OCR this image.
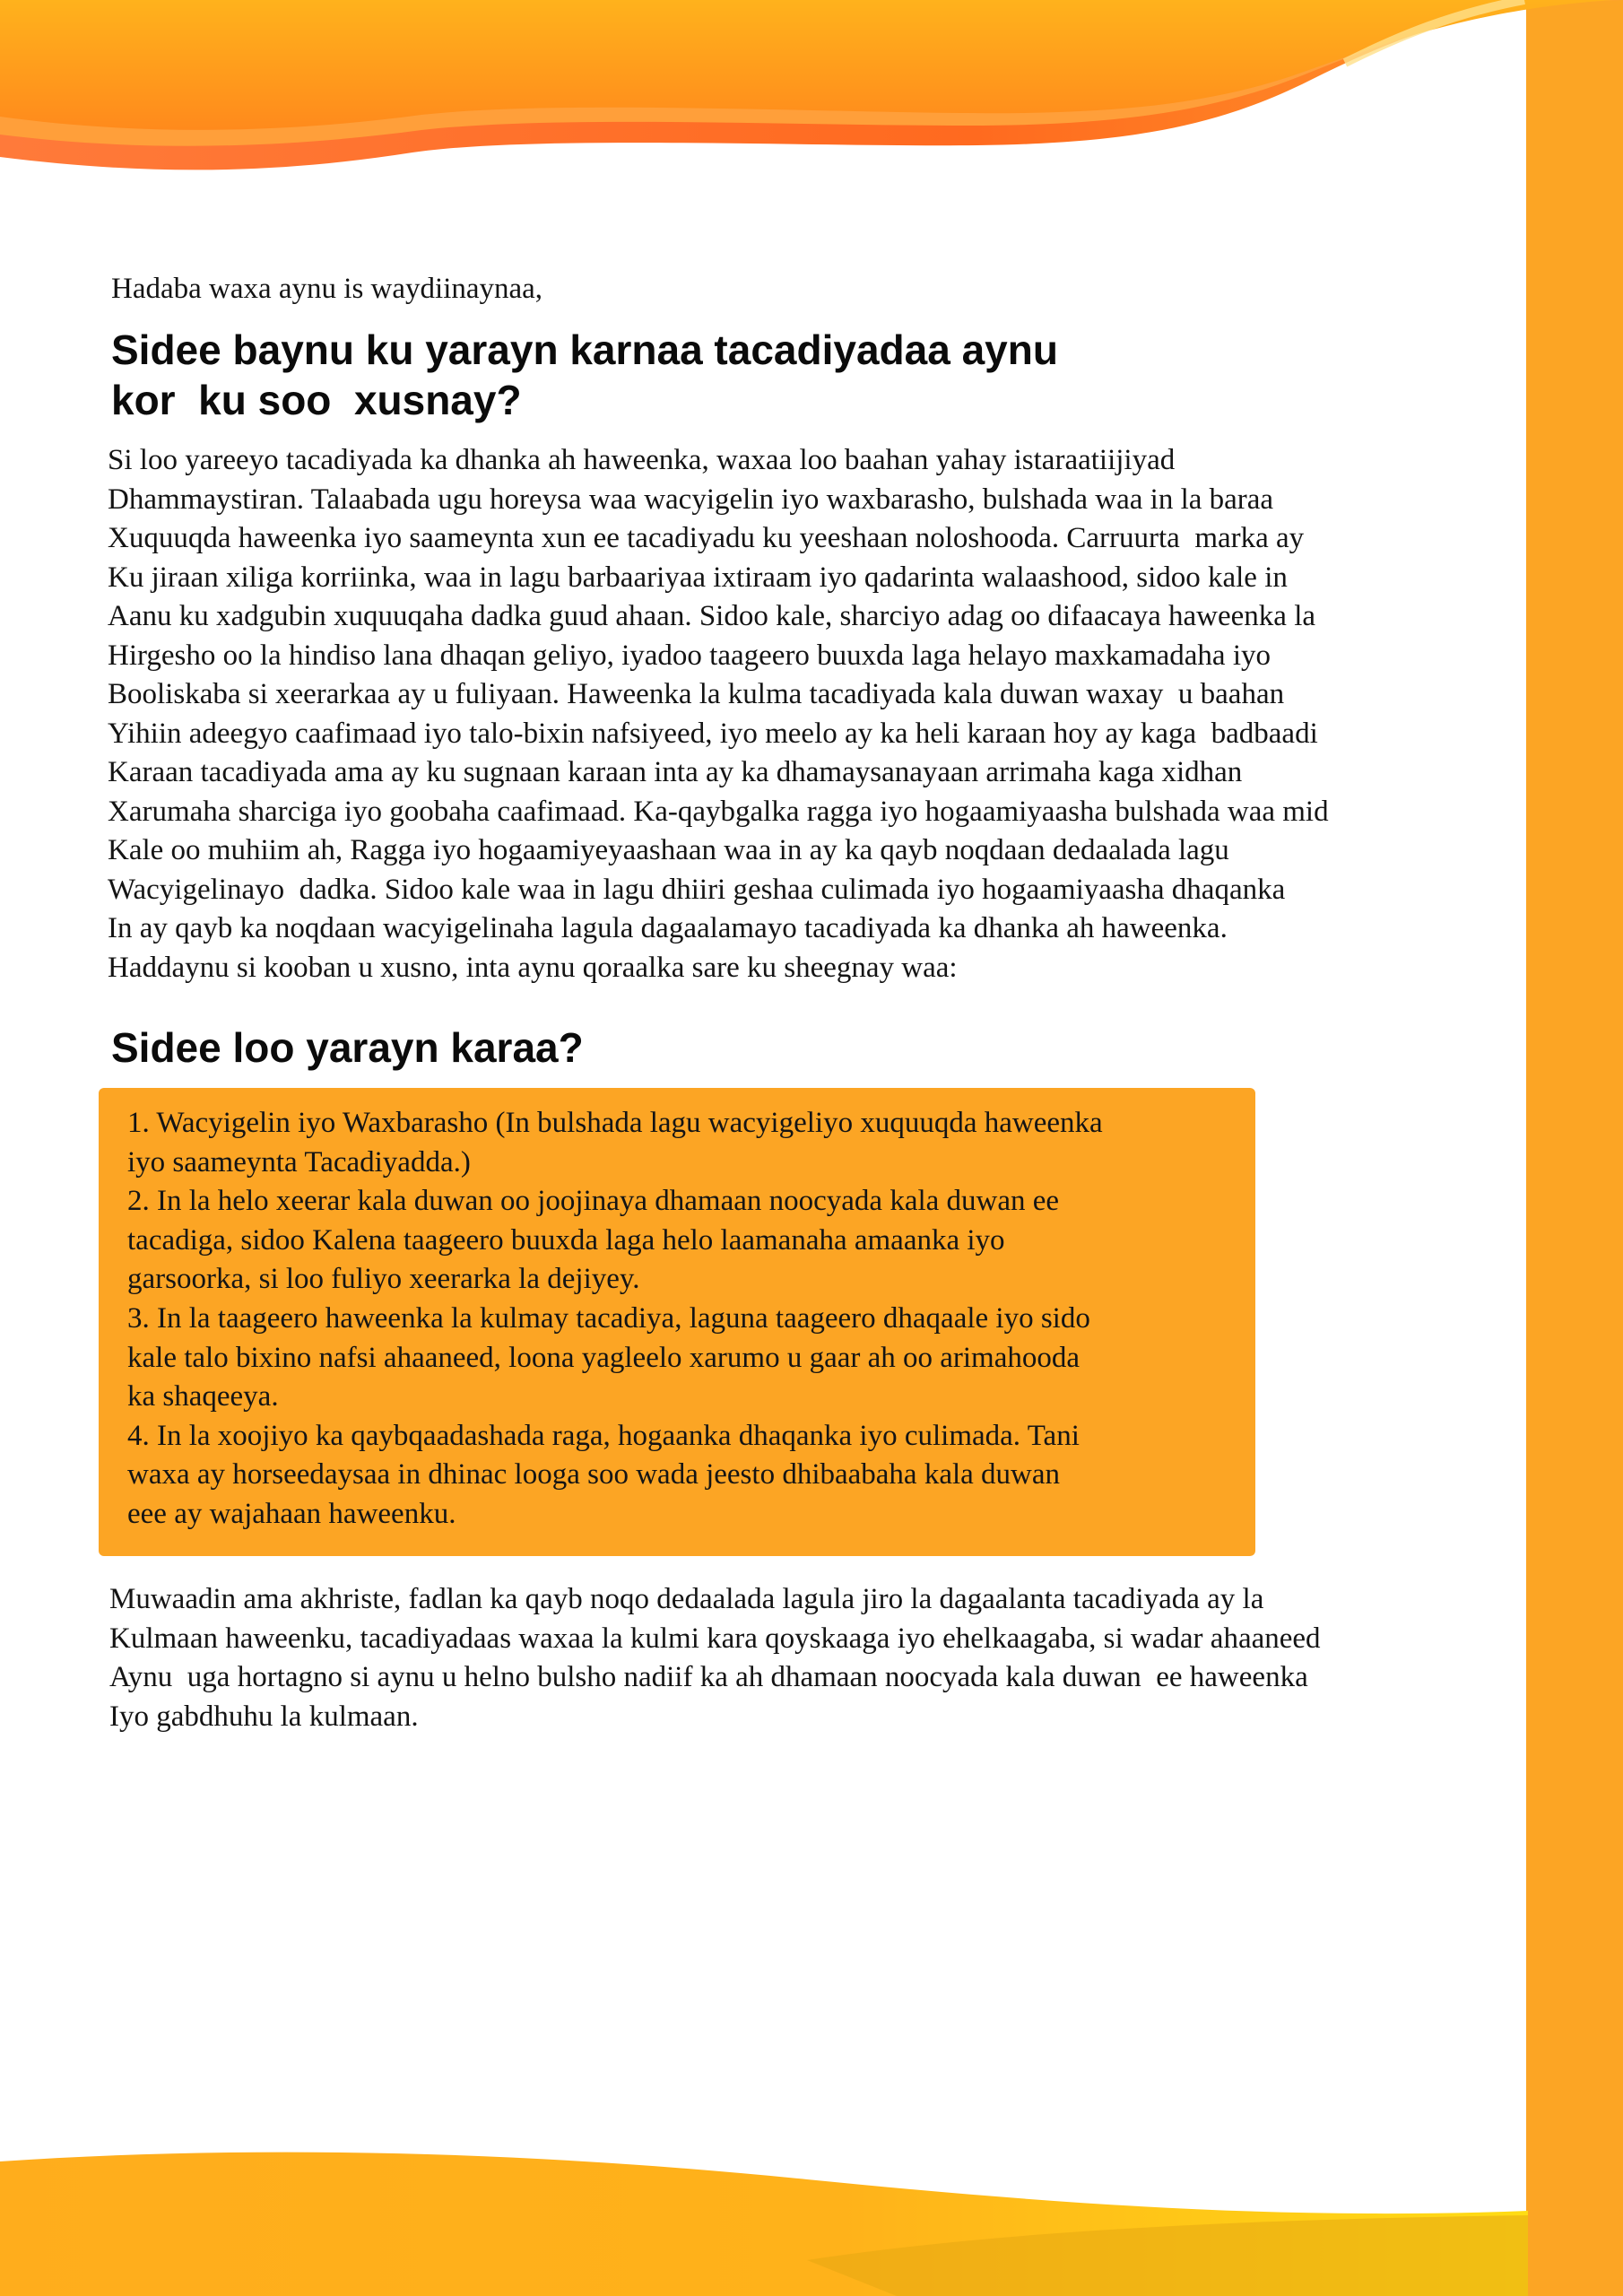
Hadaba waxa aynu is waydiinaynaa,
Sidee baynu ku yarayn karnaa tacadiyadaa aynu
kor  ku soo  xusnay?

Si loo yareeyo tacadiyada ka dhanka ah haweenka, waxaa loo baahan yahay istaraatiijiyad
Dhammaystiran. Talaabada ugu horeysa waa wacyigelin iyo waxbarasho, bulshada waa in la baraa
Xuquuqda haweenka iyo saameynta xun ee tacadiyadu ku yeeshaan noloshooda. Carruurta  marka ay
Ku jiraan xiliga korriinka, waa in lagu barbaariyaa ixtiraam iyo qadarinta walaashood, sidoo kale in
Aanu ku xadgubin xuquuqaha dadka guud ahaan. Sidoo kale, sharciyo adag oo difaacaya haweenka la
Hirgesho oo la hindiso lana dhaqan geliyo, iyadoo taageero buuxda laga helayo maxkamadaha iyo
Booliskaba si xeerarkaa ay u fuliyaan. Haweenka la kulma tacadiyada kala duwan waxay  u baahan
Yihiin adeegyo caafimaad iyo talo-bixin nafsiyeed, iyo meelo ay ka heli karaan hoy ay kaga  badbaadi
Karaan tacadiyada ama ay ku sugnaan karaan inta ay ka dhamaysanayaan arrimaha kaga xidhan
Xarumaha sharciga iyo goobaha caafimaad. Ka-qaybgalka ragga iyo hogaamiyaasha bulshada waa mid
Kale oo muhiim ah, Ragga iyo hogaamiyeyaashaan waa in ay ka qayb noqdaan dedaalada lagu
Wacyigelinayo  dadka. Sidoo kale waa in lagu dhiiri geshaa culimada iyo hogaamiyaasha dhaqanka
In ay qayb ka noqdaan wacyigelinaha lagula dagaalamayo tacadiyada ka dhanka ah haweenka.
Haddaynu si kooban u xusno, inta aynu qoraalka sare ku sheegnay waa:

Sidee loo yarayn karaa?
1. Wacyigelin iyo Waxbarasho (In bulshada lagu wacyigeliyo xuquuqda haweenka
iyo saameynta Tacadiyadda.)
2. In la helo xeerar kala duwan oo joojinaya dhamaan noocyada kala duwan ee
tacadiga, sidoo Kalena taageero buuxda laga helo laamanaha amaanka iyo
garsoorka, si loo fuliyo xeerarka la dejiyey.
3. In la taageero haweenka la kulmay tacadiya, laguna taageero dhaqaale iyo sido
kale talo bixino nafsi ahaaneed, loona yagleelo xarumo u gaar ah oo arimahooda
ka shaqeeya.
4. In la xoojiyo ka qaybqaadashada raga, hogaanka dhaqanka iyo culimada. Tani
waxa ay horseedaysaa in dhinac looga soo wada jeesto dhibaabaha kala duwan
eee ay wajahaan haweenku.

Muwaadin ama akhriste, fadlan ka qayb noqo dedaalada lagula jiro la dagaalanta tacadiyada ay la
Kulmaan haweenku, tacadiyadaas waxaa la kulmi kara qoyskaaga iyo ehelkaagaba, si wadar ahaaneed
Aynu  uga hortagno si aynu u helno bulsho nadiif ka ah dhamaan noocyada kala duwan  ee haweenka
Iyo gabdhuhu la kulmaan.
